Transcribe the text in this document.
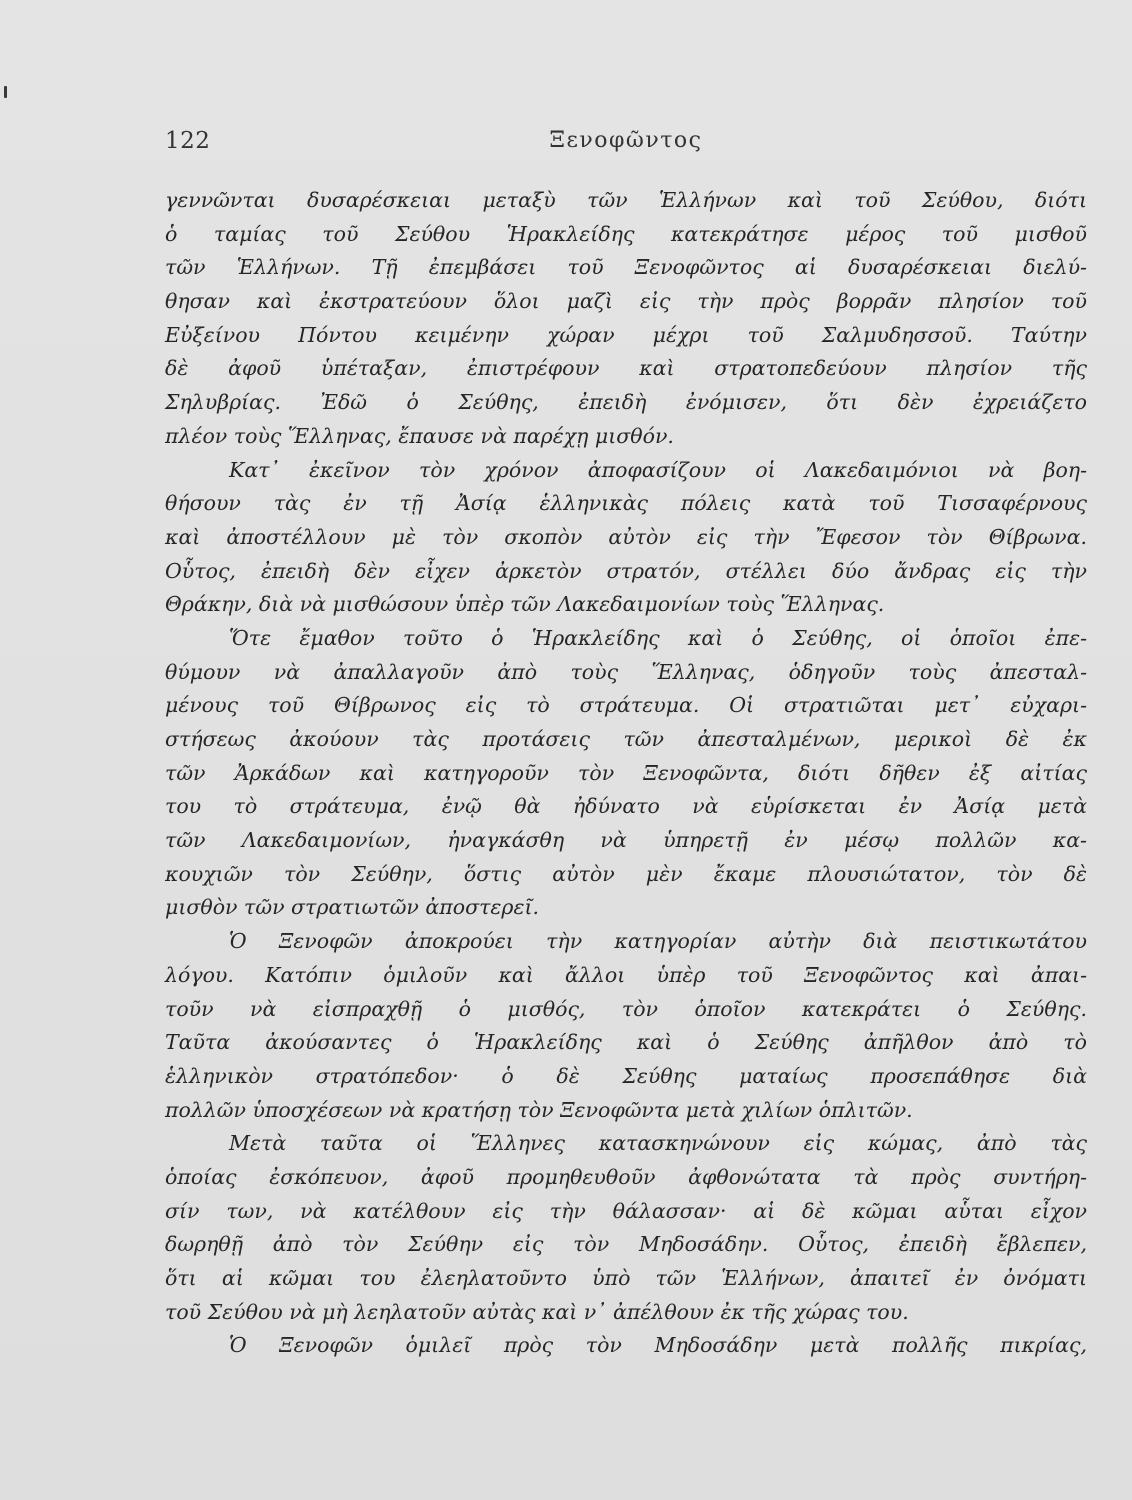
122	Ξενοφῶντος
γεννῶνται δυσαρέσκειαι μεταξὺ τῶν Ἑλλήνων καὶ τοῦ Σεύθου, διότι
ὁ ταμίας τοῦ Σεύθου Ἡρακλείδης κατεκράτησε μέρος τοῦ μισθοῦ
τῶν Ἑλλήνων. Τῇ ἐπεμβάσει τοῦ Ξενοφῶντος αἱ δυσαρέσκειαι διελύ-
θησαν καὶ ἐκστρατεύουν ὅλοι μαζὶ εἰς τὴν πρὸς βορρᾶν πλησίον τοῦ
Εὐξείνου Πόντου κειμένην χώραν μέχρι τοῦ Σαλμυδησσοῦ. Ταύτην
δὲ ἀφοῦ ὑπέταξαν, ἐπιστρέφουν καὶ στρατοπεδεύουν πλησίον τῆς
Σηλυβρίας. Ἐδῶ ὁ Σεύθης, ἐπειδὴ ἐνόμισεν, ὅτι δὲν ἐχρειάζετο
πλέον τοὺς Ἕλληνας, ἔπαυσε νὰ παρέχῃ μισθόν.
Κατ᾽ ἐκεῖνον τὸν χρόνον ἀποφασίζουν οἱ Λακεδαιμόνιοι νὰ βοη-
θήσουν τὰς ἐν τῇ Ἀσίᾳ ἑλληνικὰς πόλεις κατὰ τοῦ Τισσαφέρνους
καὶ ἀποστέλλουν μὲ τὸν σκοπὸν αὐτὸν εἰς τὴν Ἔφεσον τὸν Θίβρωνα.
Οὗτος, ἐπειδὴ δὲν εἶχεν ἀρκετὸν στρατόν, στέλλει δύο ἄνδρας εἰς τὴν
Θράκην, διὰ νὰ μισθώσουν ὑπὲρ τῶν Λακεδαιμονίων τοὺς Ἕλληνας.
Ὅτε ἔμαθον τοῦτο ὁ Ἡρακλείδης καὶ ὁ Σεύθης, οἱ ὁποῖοι ἐπε-
θύμουν νὰ ἀπαλλαγοῦν ἀπὸ τοὺς Ἕλληνας, ὁδηγοῦν τοὺς ἀπεσταλ-
μένους τοῦ Θίβρωνος εἰς τὸ στράτευμα. Οἱ στρατιῶται μετ᾽ εὐχαρι-
στήσεως ἀκούουν τὰς προτάσεις τῶν ἀπεσταλμένων, μερικοὶ δὲ ἐκ
τῶν Ἀρκάδων καὶ κατηγοροῦν τὸν Ξενοφῶντα, διότι δῆθεν ἐξ αἰτίας
του τὸ στράτευμα, ἐνῷ θὰ ἠδύνατο νὰ εὑρίσκεται ἐν Ἀσίᾳ μετὰ
τῶν Λακεδαιμονίων, ἠναγκάσθη νὰ ὑπηρετῇ ἐν μέσῳ πολλῶν κα-
κουχιῶν τὸν Σεύθην, ὅστις αὐτὸν μὲν ἔκαμε πλουσιώτατον, τὸν δὲ
μισθὸν τῶν στρατιωτῶν ἀποστερεῖ.
Ὁ Ξενοφῶν ἀποκρούει τὴν κατηγορίαν αὐτὴν διὰ πειστικωτάτου
λόγου. Κατόπιν ὁμιλοῦν καὶ ἄλλοι ὑπὲρ τοῦ Ξενοφῶντος καὶ ἀπαι-
τοῦν νὰ εἰσπραχθῇ ὁ μισθός, τὸν ὁποῖον κατεκράτει ὁ Σεύθης.
Ταῦτα ἀκούσαντες ὁ Ἡρακλείδης καὶ ὁ Σεύθης ἀπῆλθον ἀπὸ τὸ
ἑλληνικὸν στρατόπεδον· ὁ δὲ Σεύθης ματαίως προσεπάθησε διὰ
πολλῶν ὑποσχέσεων νὰ κρατήσῃ τὸν Ξενοφῶντα μετὰ χιλίων ὁπλιτῶν.
Μετὰ ταῦτα οἱ Ἕλληνες κατασκηνώνουν εἰς κώμας, ἀπὸ τὰς
ὁποίας ἐσκόπευον, ἀφοῦ προμηθευθοῦν ἀφθονώτατα τὰ πρὸς συντήρη-
σίν των, νὰ κατέλθουν εἰς τὴν θάλασσαν· αἱ δὲ κῶμαι αὗται εἶχον
δωρηθῇ ἀπὸ τὸν Σεύθην εἰς τὸν Μηδοσάδην. Οὗτος, ἐπειδὴ ἔβλεπεν,
ὅτι αἱ κῶμαι του ἐλεηλατοῦντο ὑπὸ τῶν Ἑλλήνων, ἀπαιτεῖ ἐν ὀνόματι
τοῦ Σεύθου νὰ μὴ λεηλατοῦν αὐτὰς καὶ ν᾽ ἀπέλθουν ἐκ τῆς χώρας του.
Ὁ Ξενοφῶν ὁμιλεῖ πρὸς τὸν Μηδοσάδην μετὰ πολλῆς πικρίας,
